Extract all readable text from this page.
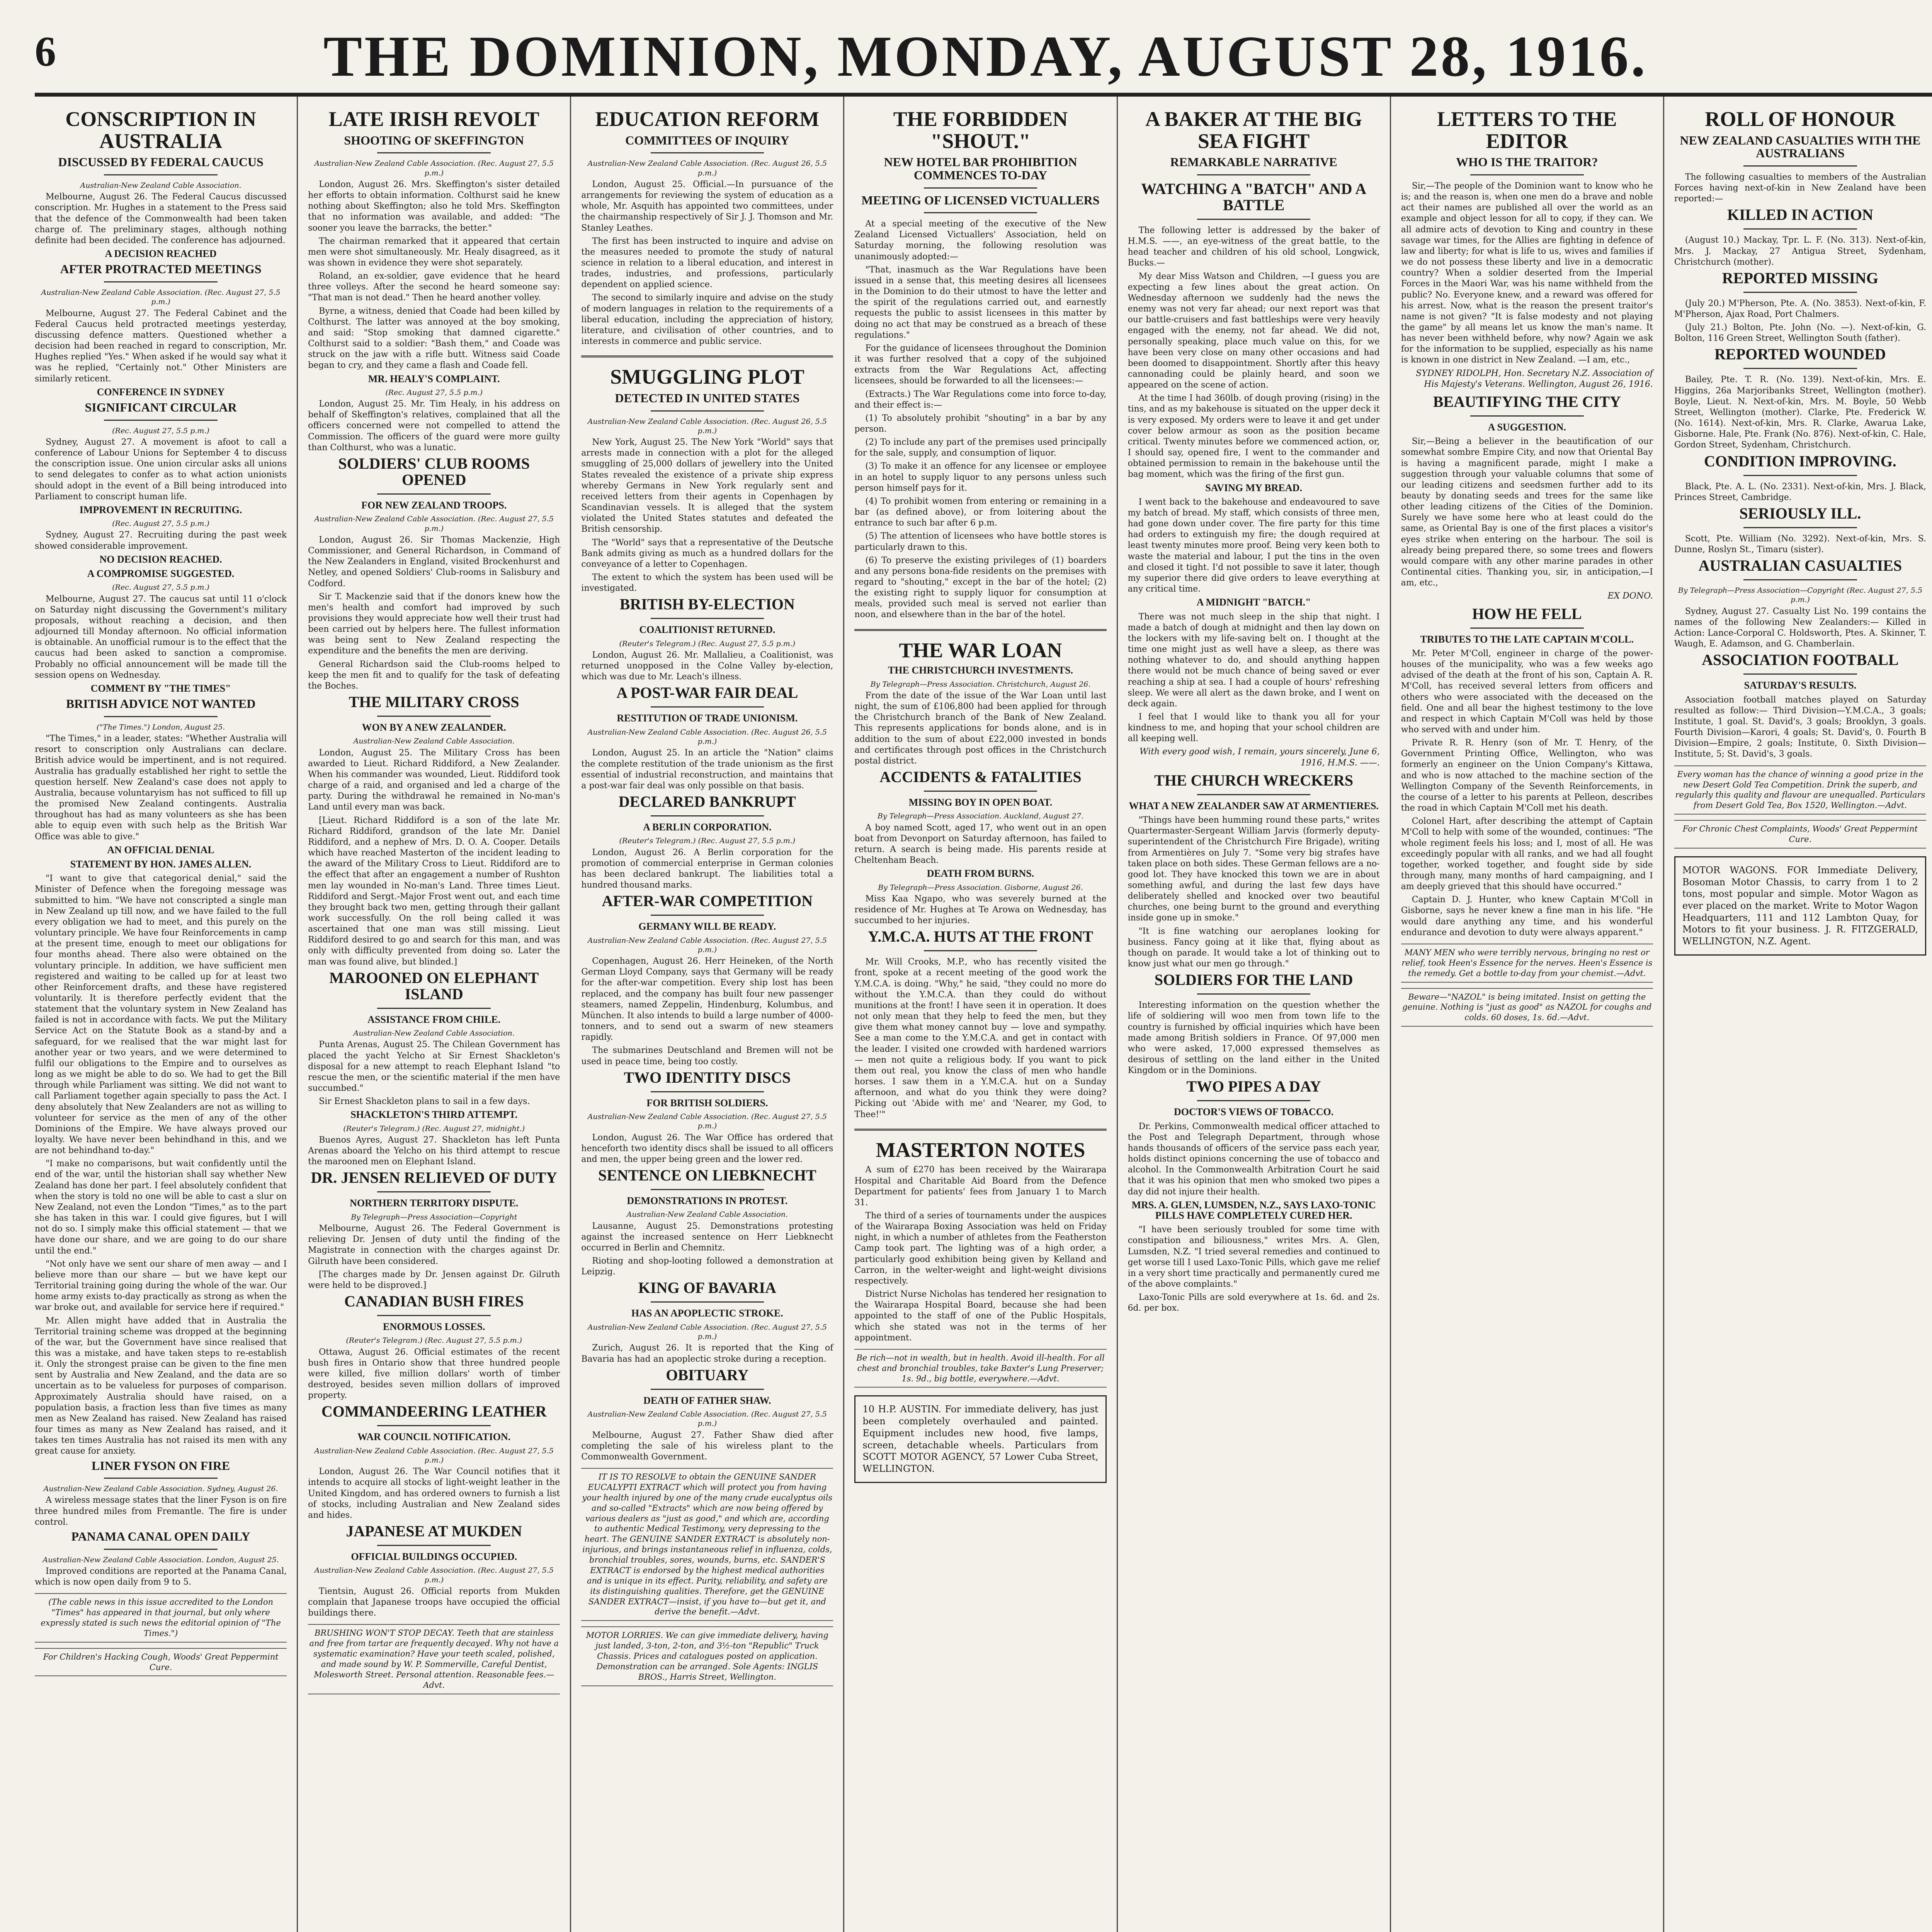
6	THE DOMINION, MONDAY, AUGUST 28, 1916.
CONSCRIPTION IN AUSTRALIA
DISCUSSED BY FEDERAL CAUCUS
Australian-New Zealand Cable Association.

Melbourne, August 26. The Federal Caucus discussed conscription. Mr. Hughes in a statement to the Press said that the defence of the Commonwealth had been taken charge of. The preliminary stages, although nothing definite had been decided. The conference has adjourned.

A DECISION REACHED
AFTER PROTRACTED MEETINGS
Australian-New Zealand Cable Association. (Rec. August 27, 5.5 p.m.)

Melbourne, August 27. The Federal Cabinet and the Federal Caucus held protracted meetings yesterday, discussing defence matters. Questioned whether a decision had been reached in regard to conscription, Mr. Hughes replied "Yes." When asked if he would say what it was he replied, "Certainly not." Other Ministers are similarly reticent.

CONFERENCE IN SYDNEY
SIGNIFICANT CIRCULAR
(Rec. August 27, 5.5 p.m.)

Sydney, August 27. A movement is afoot to call a conference of Labour Unions for September 4 to discuss the conscription issue. One union circular asks all unions to send delegates to confer as to what action unionists should adopt in the event of a Bill being introduced into Parliament to conscript human life.

IMPROVEMENT IN RECRUITING.
(Rec. August 27, 5.5 p.m.)

Sydney, August 27. Recruiting during the past week showed considerable improvement.

NO DECISION REACHED.
A COMPROMISE SUGGESTED.
(Rec. August 27, 5.5 p.m.)

Melbourne, August 27. The caucus sat until 11 o'clock on Saturday night discussing the Government's military proposals, without reaching a decision, and then adjourned till Monday afternoon. No official information is obtainable. An unofficial rumour is to the effect that the caucus had been asked to sanction a compromise. Probably no official announcement will be made till the session opens on Wednesday.

COMMENT BY "THE TIMES"
BRITISH ADVICE NOT WANTED
("The Times.") London, August 25.

"The Times," in a leader, states: "Whether Australia will resort to conscription only Australians can declare. British advice would be impertinent, and is not required. Australia has gradually established her right to settle the question herself. New Zealand's case does not apply to Australia, because voluntaryism has not sufficed to fill up the promised New Zealand contingents. Australia throughout has had as many volunteers as she has been able to equip even with such help as the British War Office was able to give."

AN OFFICIAL DENIAL
STATEMENT BY HON. JAMES ALLEN.

"I want to give that categorical denial," said the Minister of Defence when the foregoing message was submitted to him. "We have not conscripted a single man in New Zealand up till now, and we have failed to the full every obligation we had to meet, and this purely on the voluntary principle. We have four Reinforcements in camp at the present time, enough to meet our obligations for four months ahead. There also were obtained on the voluntary principle. In addition, we have sufficient men registered and waiting to be called up for at least two other Reinforcement drafts, and these have registered voluntarily. It is therefore perfectly evident that the statement that the voluntary system in New Zealand has failed is not in accordance with facts. We put the Military Service Act on the Statute Book as a stand-by and a safeguard, for we realised that the war might last for another year or two years, and we were determined to fulfil our obligations to the Empire and to ourselves as long as we might be able to do so. We had to get the Bill through while Parliament was sitting. We did not want to call Parliament together again specially to pass the Act. I deny absolutely that New Zealanders are not as willing to volunteer for service as the men of any of the other Dominions of the Empire. We have always proved our loyalty. We have never been behindhand in this, and we are not behindhand to-day."

"I make no comparisons, but wait confidently until the end of the war, until the historian shall say whether New Zealand has done her part. I feel absolutely confident that when the story is told no one will be able to cast a slur on New Zealand, not even the London "Times," as to the part she has taken in this war. I could give figures, but I will not do so. I simply make this official statement — that we have done our share, and we are going to do our share until the end."

"Not only have we sent our share of men away — and I believe more than our share — but we have kept our Territorial training going during the whole of the war. Our home army exists to-day practically as strong as when the war broke out, and available for service here if required."

Mr. Allen might have added that in Australia the Territorial training scheme was dropped at the beginning of the war, but the Government have since realised that this was a mistake, and have taken steps to re-establish it. Only the strongest praise can be given to the fine men sent by Australia and New Zealand, and the data are so uncertain as to be valueless for purposes of comparison. Approximately Australia should have raised, on a population basis, a fraction less than five times as many men as New Zealand has raised. New Zealand has raised four times as many as New Zealand has raised, and it takes ten times Australia has not raised its men with any great cause for anxiety.

LINER FYSON ON FIRE
Australian-New Zealand Cable Association. Sydney, August 26.

A wireless message states that the liner Fyson is on fire three hundred miles from Fremantle. The fire is under control.

PANAMA CANAL OPEN DAILY
Australian-New Zealand Cable Association. London, August 25.

Improved conditions are reported at the Panama Canal, which is now open daily from 9 to 5.

(The cable news in this issue accredited to the London "Times" has appeared in that journal, but only where expressly stated is such news the editorial opinion of "The Times.")
For Children's Hacking Cough, Woods' Great Peppermint Cure.
LATE IRISH REVOLT
SHOOTING OF SKEFFINGTON
Australian-New Zealand Cable Association. (Rec. August 27, 5.5 p.m.)

London, August 26. Mrs. Skeffington's sister detailed her efforts to obtain information. Colthurst said he knew nothing about Skeffington; also he told Mrs. Skeffington that no information was available, and added: "The sooner you leave the barracks, the better."

The chairman remarked that it appeared that certain men were shot simultaneously. Mr. Healy disagreed, as it was shown in evidence they were shot separately.

Roland, an ex-soldier, gave evidence that he heard three volleys. After the second he heard someone say: "That man is not dead." Then he heard another volley.

Byrne, a witness, denied that Coade had been killed by Colthurst. The latter was annoyed at the boy smoking, and said: "Stop smoking that damned cigarette." Colthurst said to a soldier: "Bash them," and Coade was struck on the jaw with a rifle butt. Witness said Coade began to cry, and they came a flash and Coade fell.

MR. HEALY'S COMPLAINT.
(Rec. August 27, 5.5 p.m.)

London, August 25. Mr. Tim Healy, in his address on behalf of Skeffington's relatives, complained that all the officers concerned were not compelled to attend the Commission. The officers of the guard were more guilty than Colthurst, who was a lunatic.

SOLDIERS' CLUB ROOMS OPENED
FOR NEW ZEALAND TROOPS.
Australian-New Zealand Cable Association. (Rec. August 27, 5.5 p.m.)

London, August 26. Sir Thomas Mackenzie, High Commissioner, and General Richardson, in Command of the New Zealanders in England, visited Brockenhurst and Netley, and opened Soldiers' Club-rooms in Salisbury and Codford.

Sir T. Mackenzie said that if the donors knew how the men's health and comfort had improved by such provisions they would appreciate how well their trust had been carried out by helpers here. The fullest information was being sent to New Zealand respecting the expenditure and the benefits the men are deriving.

General Richardson said the Club-rooms helped to keep the men fit and to qualify for the task of defeating the Boches.

THE MILITARY CROSS
WON BY A NEW ZEALANDER.
Australian-New Zealand Cable Association.

London, August 25. The Military Cross has been awarded to Lieut. Richard Riddiford, a New Zealander. When his commander was wounded, Lieut. Riddiford took charge of a raid, and organised and led a charge of the party. During the withdrawal he remained in No-man's Land until every man was back.

[Lieut. Richard Riddiford is a son of the late Mr. Richard Riddiford, grandson of the late Mr. Daniel Riddiford, and a nephew of Mrs. D. O. A. Cooper. Details which have reached Masterton of the incident leading to the award of the Military Cross to Lieut. Riddiford are to the effect that after an engagement a number of Rushton men lay wounded in No-man's Land. Three times Lieut. Riddiford and Sergt.-Major Frost went out, and each time they brought back two men, getting through their gallant work successfully. On the roll being called it was ascertained that one man was still missing. Lieut Riddiford desired to go and search for this man, and was only with difficulty prevented from doing so. Later the man was found alive, but blinded.]

MAROONED ON ELEPHANT ISLAND
ASSISTANCE FROM CHILE.
Australian-New Zealand Cable Association.

Punta Arenas, August 25. The Chilean Government has placed the yacht Yelcho at Sir Ernest Shackleton's disposal for a new attempt to reach Elephant Island "to rescue the men, or the scientific material if the men have succumbed."

Sir Ernest Shackleton plans to sail in a few days.

SHACKLETON'S THIRD ATTEMPT.
(Reuter's Telegram.) (Rec. August 27, midnight.)

Buenos Ayres, August 27. Shackleton has left Punta Arenas aboard the Yelcho on his third attempt to rescue the marooned men on Elephant Island.

DR. JENSEN RELIEVED OF DUTY
NORTHERN TERRITORY DISPUTE.
By Telegraph—Press Association—Copyright

Melbourne, August 26. The Federal Government is relieving Dr. Jensen of duty until the finding of the Magistrate in connection with the charges against Dr. Gilruth have been considered.

[The charges made by Dr. Jensen against Dr. Gilruth were held to be disproved.]

CANADIAN BUSH FIRES
ENORMOUS LOSSES.
(Reuter's Telegram.) (Rec. August 27, 5.5 p.m.)

Ottawa, August 26. Official estimates of the recent bush fires in Ontario show that three hundred people were killed, five million dollars' worth of timber destroyed, besides seven million dollars of improved property.

COMMANDEERING LEATHER
WAR COUNCIL NOTIFICATION.
Australian-New Zealand Cable Association. (Rec. August 27, 5.5 p.m.)

London, August 26. The War Council notifies that it intends to acquire all stocks of light-weight leather in the United Kingdom, and has ordered owners to furnish a list of stocks, including Australian and New Zealand sides and hides.

JAPANESE AT MUKDEN
OFFICIAL BUILDINGS OCCUPIED.
Australian-New Zealand Cable Association. (Rec. August 27, 5.5 p.m.)

Tientsin, August 26. Official reports from Mukden complain that Japanese troops have occupied the official buildings there.

BRUSHING WON'T STOP DECAY. Teeth that are stainless and free from tartar are frequently decayed. Why not have a systematic examination? Have your teeth scaled, polished, and made sound by W. P. Sommerville, Careful Dentist, Molesworth Street. Personal attention. Reasonable fees.—Advt.
EDUCATION REFORM
COMMITTEES OF INQUIRY
Australian-New Zealand Cable Association. (Rec. August 26, 5.5 p.m.)

London, August 25. Official.—In pursuance of the arrangements for reviewing the system of education as a whole, Mr. Asquith has appointed two committees, under the chairmanship respectively of Sir J. J. Thomson and Mr. Stanley Leathes.

The first has been instructed to inquire and advise on the measures needed to promote the study of natural science in relation to a liberal education, and interest in trades, industries, and professions, particularly dependent on applied science.

The second to similarly inquire and advise on the study of modern languages in relation to the requirements of a liberal education, including the appreciation of history, literature, and civilisation of other countries, and to interests in commerce and public service.

SMUGGLING PLOT
DETECTED IN UNITED STATES
Australian-New Zealand Cable Association. (Rec. August 26, 5.5 p.m.)

New York, August 25. The New York "World" says that arrests made in connection with a plot for the alleged smuggling of 25,000 dollars of jewellery into the United States revealed the existence of a private ship express whereby Germans in New York regularly sent and received letters from their agents in Copenhagen by Scandinavian vessels. It is alleged that the system violated the United States statutes and defeated the British censorship.

The "World" says that a representative of the Deutsche Bank admits giving as much as a hundred dollars for the conveyance of a letter to Copenhagen.

The extent to which the system has been used will be investigated.

BRITISH BY-ELECTION
COALITIONIST RETURNED.
(Reuter's Telegram.) (Rec. August 27, 5.5 p.m.)

London, August 26. Mr. Mallalieu, a Coalitionist, was returned unopposed in the Colne Valley by-election, which was due to Mr. Leach's illness.

A POST-WAR FAIR DEAL
RESTITUTION OF TRADE UNIONISM.
Australian-New Zealand Cable Association. (Rec. August 26, 5.5 p.m.)

London, August 25. In an article the "Nation" claims the complete restitution of the trade unionism as the first essential of industrial reconstruction, and maintains that a post-war fair deal was only possible on that basis.

DECLARED BANKRUPT
A BERLIN CORPORATION.
(Reuter's Telegram.) (Rec. August 27, 5.5 p.m.)

London, August 26. A Berlin corporation for the promotion of commercial enterprise in German colonies has been declared bankrupt. The liabilities total a hundred thousand marks.

AFTER-WAR COMPETITION
GERMANY WILL BE READY.
Australian-New Zealand Cable Association. (Rec. August 27, 5.5 p.m.)

Copenhagen, August 26. Herr Heineken, of the North German Lloyd Company, says that Germany will be ready for the after-war competition. Every ship lost has been replaced, and the company has built four new passenger steamers, named Zeppelin, Hindenburg, Kolumbus, and München. It also intends to build a large number of 4000-tonners, and to send out a swarm of new steamers rapidly.

The submarines Deutschland and Bremen will not be used in peace time, being too costly.

TWO IDENTITY DISCS
FOR BRITISH SOLDIERS.
Australian-New Zealand Cable Association. (Rec. August 27, 5.5 p.m.)

London, August 26. The War Office has ordered that henceforth two identity discs shall be issued to all officers and men, the upper being green and the lower red.

SENTENCE ON LIEBKNECHT
DEMONSTRATIONS IN PROTEST.
Australian-New Zealand Cable Association.

Lausanne, August 25. Demonstrations protesting against the increased sentence on Herr Liebknecht occurred in Berlin and Chemnitz.

Rioting and shop-looting followed a demonstration at Leipzig.

KING OF BAVARIA
HAS AN APOPLECTIC STROKE.
Australian-New Zealand Cable Association. (Rec. August 27, 5.5 p.m.)

Zurich, August 26. It is reported that the King of Bavaria has had an apoplectic stroke during a reception.

OBITUARY
DEATH OF FATHER SHAW.
Australian-New Zealand Cable Association. (Rec. August 27, 5.5 p.m.)

Melbourne, August 27. Father Shaw died after completing the sale of his wireless plant to the Commonwealth Government.

IT IS TO RESOLVE to obtain the GENUINE SANDER EUCALYPTI EXTRACT which will protect you from having your health injured by one of the many crude eucalyptus oils and so-called "Extracts" which are now being offered by various dealers as "just as good," and which are, according to authentic Medical Testimony, very depressing to the heart. The GENUINE SANDER EXTRACT is absolutely non-injurious, and brings instantaneous relief in influenza, colds, bronchial troubles, sores, wounds, burns, etc. SANDER'S EXTRACT is endorsed by the highest medical authorities and is unique in its effect. Purity, reliability, and safety are its distinguishing qualities. Therefore, get the GENUINE SANDER EXTRACT—insist, if you have to—but get it, and derive the benefit.—Advt.
MOTOR LORRIES. We can give immediate delivery, having just landed, 3-ton, 2-ton, and 3½-ton "Republic" Truck Chassis. Prices and catalogues posted on application. Demonstration can be arranged. Sole Agents: INGLIS BROS., Harris Street, Wellington.
THE FORBIDDEN "SHOUT."
NEW HOTEL BAR PROHIBITION COMMENCES TO-DAY
MEETING OF LICENSED VICTUALLERS

At a special meeting of the executive of the New Zealand Licensed Victuallers' Association, held on Saturday morning, the following resolution was unanimously adopted:—

"That, inasmuch as the War Regulations have been issued in a sense that, this meeting desires all licensees in the Dominion to do their utmost to have the letter and the spirit of the regulations carried out, and earnestly requests the public to assist licensees in this matter by doing no act that may be construed as a breach of these regulations."

For the guidance of licensees throughout the Dominion it was further resolved that a copy of the subjoined extracts from the War Regulations Act, affecting licensees, should be forwarded to all the licensees:—

(Extracts.) The War Regulations come into force to-day, and their effect is:—

(1) To absolutely prohibit "shouting" in a bar by any person.

(2) To include any part of the premises used principally for the sale, supply, and consumption of liquor.

(3) To make it an offence for any licensee or employee in an hotel to supply liquor to any persons unless such person himself pays for it.

(4) To prohibit women from entering or remaining in a bar (as defined above), or from loitering about the entrance to such bar after 6 p.m.

(5) The attention of licensees who have bottle stores is particularly drawn to this.

(6) To preserve the existing privileges of (1) boarders and any persons bona-fide residents on the premises with regard to "shouting," except in the bar of the hotel; (2) the existing right to supply liquor for consumption at meals, provided such meal is served not earlier than noon, and elsewhere than in the bar of the hotel.

THE WAR LOAN
THE CHRISTCHURCH INVESTMENTS.
By Telegraph—Press Association. Christchurch, August 26.

From the date of the issue of the War Loan until last night, the sum of £106,800 had been applied for through the Christchurch branch of the Bank of New Zealand. This represents applications for bonds alone, and is in addition to the sum of about £22,000 invested in bonds and certificates through post offices in the Christchurch postal district.

ACCIDENTS & FATALITIES
MISSING BOY IN OPEN BOAT.
By Telegraph—Press Association. Auckland, August 27.

A boy named Scott, aged 17, who went out in an open boat from Devonport on Saturday afternoon, has failed to return. A search is being made. His parents reside at Cheltenham Beach.

DEATH FROM BURNS.
By Telegraph—Press Association. Gisborne, August 26.

Miss Kaa Ngapo, who was severely burned at the residence of Mr. Hughes at Te Arowa on Wednesday, has succumbed to her injuries.

Y.M.C.A. HUTS AT THE FRONT

Mr. Will Crooks, M.P., who has recently visited the front, spoke at a recent meeting of the good work the Y.M.C.A. is doing. "Why," he said, "they could no more do without the Y.M.C.A. than they could do without munitions at the front! I have seen it in operation. It does not only mean that they help to feed the men, but they give them what money cannot buy — love and sympathy. See a man come to the Y.M.C.A. and get in contact with the leader. I visited one crowded with hardened warriors — men not quite a religious body. If you want to pick them out real, you know the class of men who handle horses. I saw them in a Y.M.C.A. hut on a Sunday afternoon, and what do you think they were doing? Picking out 'Abide with me' and 'Nearer, my God, to Thee!'"

MASTERTON NOTES

A sum of £270 has been received by the Wairarapa Hospital and Charitable Aid Board from the Defence Department for patients' fees from January 1 to March 31.

The third of a series of tournaments under the auspices of the Wairarapa Boxing Association was held on Friday night, in which a number of athletes from the Featherston Camp took part. The lighting was of a high order, a particularly good exhibition being given by Kelland and Carron, in the welter-weight and light-weight divisions respectively.

District Nurse Nicholas has tendered her resignation to the Wairarapa Hospital Board, because she had been appointed to the staff of one of the Public Hospitals, which she stated was not in the terms of her appointment.

Be rich—not in wealth, but in health. Avoid ill-health. For all chest and bronchial troubles, take Baxter's Lung Preserver; 1s. 9d., big bottle, everywhere.—Advt.
10 H.P. AUSTIN. For immediate delivery, has just been completely overhauled and painted. Equipment includes new hood, five lamps, screen, detachable wheels. Particulars from SCOTT MOTOR AGENCY, 57 Lower Cuba Street, WELLINGTON.
A BAKER AT THE BIG SEA FIGHT
REMARKABLE NARRATIVE
WATCHING A "BATCH" AND A BATTLE

The following letter is addressed by the baker of H.M.S. ——, an eye-witness of the great battle, to the head teacher and children of his old school, Longwick, Bucks.—

My dear Miss Watson and Children, —I guess you are expecting a few lines about the great action. On Wednesday afternoon we suddenly had the news the enemy was not very far ahead; our next report was that our battle-cruisers and fast battleships were very heavily engaged with the enemy, not far ahead. We did not, personally speaking, place much value on this, for we have been very close on many other occasions and had been doomed to disappointment. Shortly after this heavy cannonading could be plainly heard, and soon we appeared on the scene of action.

At the time I had 360lb. of dough proving (rising) in the tins, and as my bakehouse is situated on the upper deck it is very exposed. My orders were to leave it and get under cover below armour as soon as the position became critical. Twenty minutes before we commenced action, or, I should say, opened fire, I went to the commander and obtained permission to remain in the bakehouse until the bag moment, which was the firing of the first gun.

SAVING MY BREAD.

I went back to the bakehouse and endeavoured to save my batch of bread. My staff, which consists of three men, had gone down under cover. The fire party for this time had orders to extinguish my fire; the dough required at least twenty minutes more proof. Being very keen both to waste the material and labour, I put the tins in the oven and closed it tight. I'd not possible to save it later, though my superior there did give orders to leave everything at any critical time.

A MIDNIGHT "BATCH."

There was not much sleep in the ship that night. I made a batch of dough at midnight and then lay down on the lockers with my life-saving belt on. I thought at the time one might just as well have a sleep, as there was nothing whatever to do, and should anything happen there would not be much chance of being saved or ever reaching a ship at sea. I had a couple of hours' refreshing sleep. We were all alert as the dawn broke, and I went on deck again.

I feel that I would like to thank you all for your kindness to me, and hoping that your school children are all keeping well.

With every good wish, I remain, yours sincerely, June 6, 1916, H.M.S. ——.
THE CHURCH WRECKERS
WHAT A NEW ZEALANDER SAW AT ARMENTIERES.

"Things have been humming round these parts," writes Quartermaster-Sergeant William Jarvis (formerly deputy-superintendent of the Christchurch Fire Brigade), writing from Armentières on July 7. "Some very big strafes have taken place on both sides. These German fellows are a no-good lot. They have knocked this town we are in about something awful, and during the last few days have deliberately shelled and knocked over two beautiful churches, one being burnt to the ground and everything inside gone up in smoke."

"It is fine watching our aeroplanes looking for business. Fancy going at it like that, flying about as though on parade. It would take a lot of thinking out to know just what our men go through."

SOLDIERS FOR THE LAND

Interesting information on the question whether the life of soldiering will woo men from town life to the country is furnished by official inquiries which have been made among British soldiers in France. Of 97,000 men who were asked, 17,000 expressed themselves as desirous of settling on the land either in the United Kingdom or in the Dominions.

TWO PIPES A DAY
DOCTOR'S VIEWS OF TOBACCO.

Dr. Perkins, Commonwealth medical officer attached to the Post and Telegraph Department, through whose hands thousands of officers of the service pass each year, holds distinct opinions concerning the use of tobacco and alcohol. In the Commonwealth Arbitration Court he said that it was his opinion that men who smoked two pipes a day did not injure their health.

MRS. A. GLEN, LUMSDEN, N.Z., SAYS LAXO-TONIC PILLS HAVE COMPLETELY CURED HER.

"I have been seriously troubled for some time with constipation and biliousness," writes Mrs. A. Glen, Lumsden, N.Z. "I tried several remedies and continued to get worse till I used Laxo-Tonic Pills, which gave me relief in a very short time practically and permanently cured me of the above complaints."

Laxo-Tonic Pills are sold everywhere at 1s. 6d. and 2s. 6d. per box.

LETTERS TO THE EDITOR
WHO IS THE TRAITOR?

Sir,—The people of the Dominion want to know who he is; and the reason is, when one men do a brave and noble act their names are published all over the world as an example and object lesson for all to copy, if they can. We all admire acts of devotion to King and country in these savage war times, for the Allies are fighting in defence of law and liberty; for what is life to us, wives and families if we do not possess these liberty and live in a democratic country? When a soldier deserted from the Imperial Forces in the Maori War, was his name withheld from the public? No. Everyone knew, and a reward was offered for his arrest. Now, what is the reason the present traitor's name is not given? "It is false modesty and not playing the game" by all means let us know the man's name. It has never been withheld before, why now? Again we ask for the information to be supplied, especially as his name is known in one district in New Zealand. —I am, etc.,

SYDNEY RIDOLPH, Hon. Secretary N.Z. Association of His Majesty's Veterans. Wellington, August 26, 1916.
BEAUTIFYING THE CITY
A SUGGESTION.

Sir,—Being a believer in the beautification of our somewhat sombre Empire City, and now that Oriental Bay is having a magnificent parade, might I make a suggestion through your valuable columns that some of our leading citizens and seedsmen further add to its beauty by donating seeds and trees for the same like other leading citizens of the Cities of the Dominion. Surely we have some here who at least could do the same, as Oriental Bay is one of the first places a visitor's eyes strike when entering on the harbour. The soil is already being prepared there, so some trees and flowers would compare with any other marine parades in other Continental cities. Thanking you, sir, in anticipation,—I am, etc.,

EX DONO.
HOW HE FELL
TRIBUTES TO THE LATE CAPTAIN M'COLL.

Mr. Peter M'Coll, engineer in charge of the power-houses of the municipality, who was a few weeks ago advised of the death at the front of his son, Captain A. R. M'Coll, has received several letters from officers and others who were associated with the deceased on the field. One and all bear the highest testimony to the love and respect in which Captain M'Coll was held by those who served with and under him.

Private R. R. Henry (son of Mr. T. Henry, of the Government Printing Office, Wellington, who was formerly an engineer on the Union Company's Kittawa, and who is now attached to the machine section of the Wellington Company of the Seventh Reinforcements, in the course of a letter to his parents at Pelleon, describes the road in which Captain M'Coll met his death.

Colonel Hart, after describing the attempt of Captain M'Coll to help with some of the wounded, continues: "The whole regiment feels his loss; and I, most of all. He was exceedingly popular with all ranks, and we had all fought together, worked together, and fought side by side through many, many months of hard campaigning, and I am deeply grieved that this should have occurred."

Captain D. J. Hunter, who knew Captain M'Coll in Gisborne, says he never knew a fine man in his life. "He would dare anything any time, and his wonderful endurance and devotion to duty were always apparent."

MANY MEN who were terribly nervous, bringing no rest or relief, took Heen's Essence for the nerves. Heen's Essence is the remedy. Get a bottle to-day from your chemist.—Advt.
Beware—"NAZOL" is being imitated. Insist on getting the genuine. Nothing is "just as good" as NAZOL for coughs and colds. 60 doses, 1s. 6d.—Advt.
ROLL OF HONOUR
NEW ZEALAND CASUALTIES WITH THE AUSTRALIANS

The following casualties to members of the Australian Forces having next-of-kin in New Zealand have been reported:—

KILLED IN ACTION

(August 10.) Mackay, Tpr. L. F. (No. 313). Next-of-kin, Mrs. J. Mackay, 27 Antigua Street, Sydenham, Christchurch (mother).

REPORTED MISSING

(July 20.) M'Pherson, Pte. A. (No. 3853). Next-of-kin, F. M'Pherson, Ajax Road, Port Chalmers.

(July 21.) Bolton, Pte. John (No. —). Next-of-kin, G. Bolton, 116 Green Street, Wellington South (father).

REPORTED WOUNDED

Bailey, Pte. T. R. (No. 139). Next-of-kin, Mrs. E. Higgins, 26a Marjoribanks Street, Wellington (mother). Boyle, Lieut. N. Next-of-kin, Mrs. M. Boyle, 50 Webb Street, Wellington (mother). Clarke, Pte. Frederick W. (No. 1614). Next-of-kin, Mrs. R. Clarke, Awarua Lake, Gisborne. Hale, Pte. Frank (No. 876). Next-of-kin, C. Hale, Gordon Street, Sydenham, Christchurch.

CONDITION IMPROVING.

Black, Pte. A. L. (No. 2331). Next-of-kin, Mrs. J. Black, Princes Street, Cambridge.

SERIOUSLY ILL.

Scott, Pte. William (No. 3292). Next-of-kin, Mrs. S. Dunne, Roslyn St., Timaru (sister).

AUSTRALIAN CASUALTIES
By Telegraph—Press Association—Copyright (Rec. August 27, 5.5 p.m.)

Sydney, August 27. Casualty List No. 199 contains the names of the following New Zealanders:— Killed in Action: Lance-Corporal C. Holdsworth, Ptes. A. Skinner, T. Waugh, E. Adamson, and G. Chamberlain.

ASSOCIATION FOOTBALL
SATURDAY'S RESULTS.

Association football matches played on Saturday resulted as follow:— Third Division—Y.M.C.A., 3 goals; Institute, 1 goal. St. David's, 3 goals; Brooklyn, 3 goals. Fourth Division—Karori, 4 goals; St. David's, 0. Fourth B Division—Empire, 2 goals; Institute, 0. Sixth Division—Institute, 5; St. David's, 3 goals.

Every woman has the chance of winning a good prize in the new Desert Gold Tea Competition. Drink the superb, and regularly this quality and flavour are unequalled. Particulars from Desert Gold Tea, Box 1520, Wellington.—Advt.
For Chronic Chest Complaints, Woods' Great Peppermint Cure.
MOTOR WAGONS. FOR Immediate Delivery, Bosoman Motor Chassis, to carry from 1 to 2 tons, most popular and simple. Motor Wagon as ever placed on the market. Write to Motor Wagon Headquarters, 111 and 112 Lambton Quay, for Motors to fit your business. J. R. FITZGERALD, WELLINGTON, N.Z. Agent.
